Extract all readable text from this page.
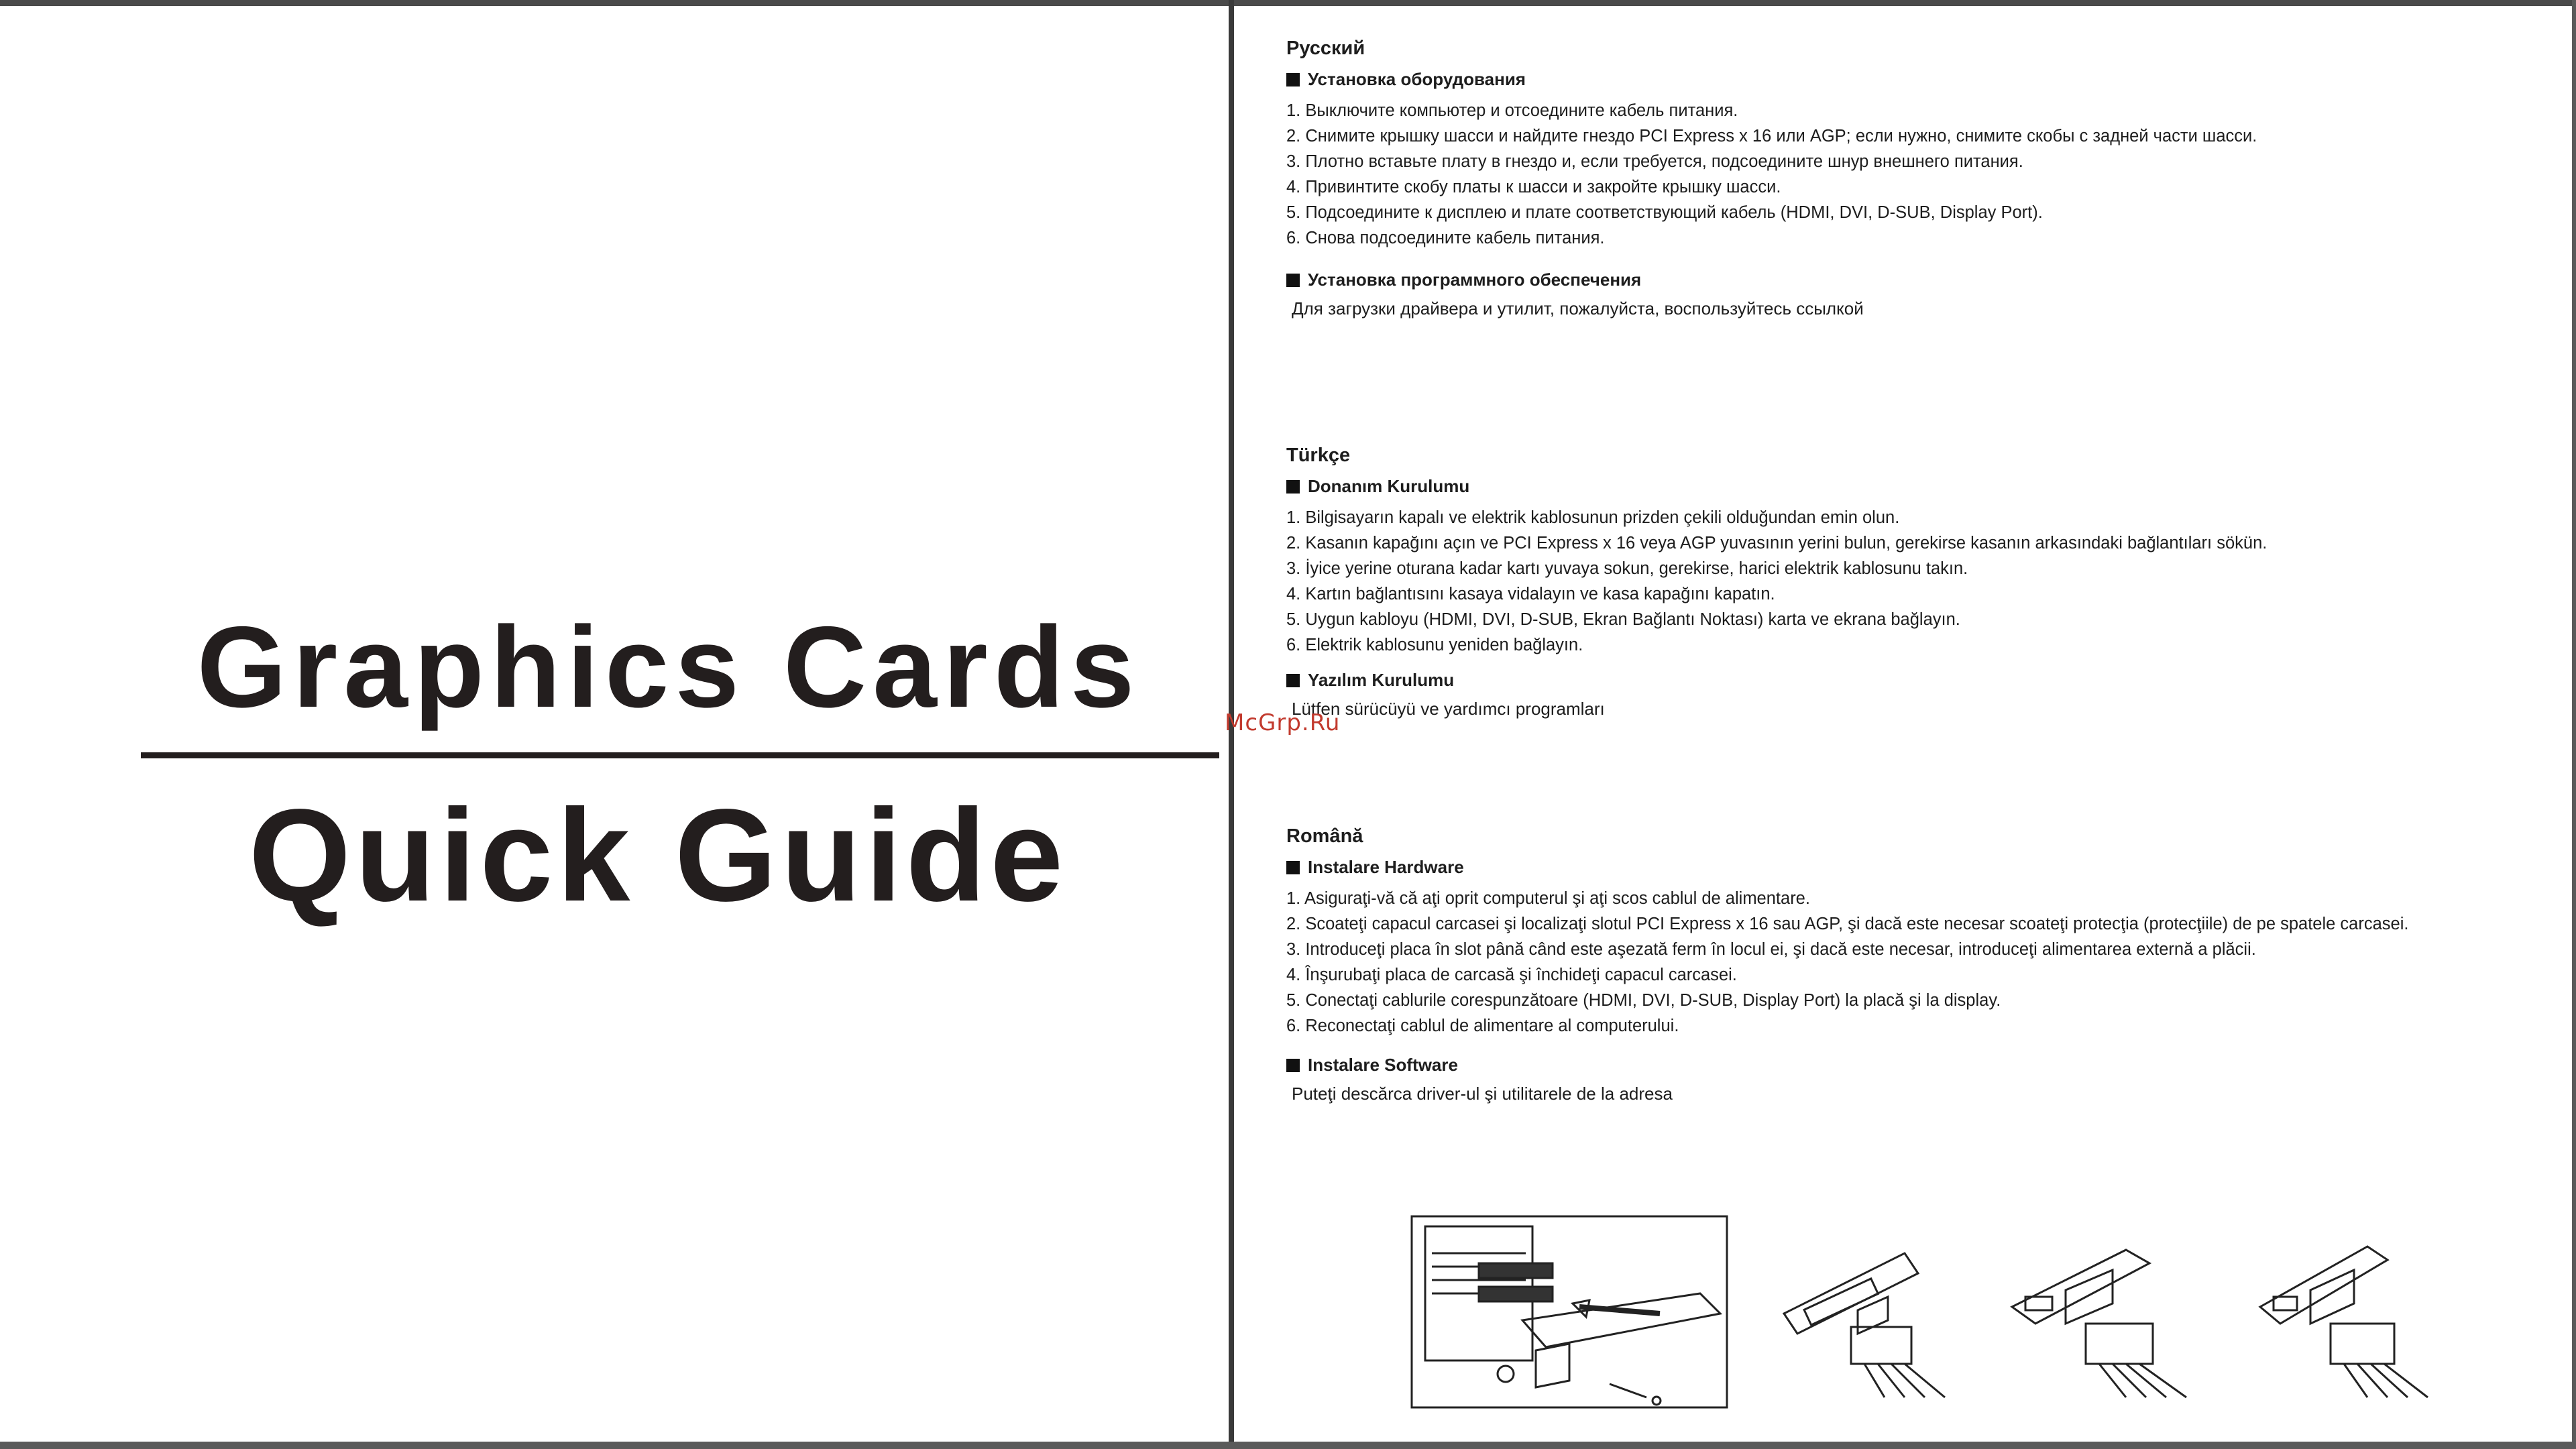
Graphics Cards
Quick Guide
Русский
Установка оборудования
1. Выключите компьютер и отсоедините кабель питания.
2. Снимите крышку шасси и найдите гнездо PCI Express x 16 или AGP; если нужно, снимите скобы с задней части шасси.
3. Плотно вставьте плату в гнездо и, если требуется, подсоедините шнур внешнего питания.
4. Привинтите скобу платы к шасси и закройте крышку шасси.
5. Подсоедините к дисплею и плате соответствующий кабель (HDMI, DVI, D-SUB, Display Port).
6. Снова подсоедините кабель питания.
Установка программного обеспечения

Для загрузки драйвера и утилит, пожалуйста, воспользуйтесь ссылкой

Türkçe
Donanım Kurulumu
1. Bilgisayarın kapalı ve elektrik kablosunun prizden çekili olduğundan emin olun.
2. Kasanın kapağını açın ve PCI Express x 16 veya AGP yuvasının yerini bulun, gerekirse kasanın arkasındaki bağlantıları sökün.
3. İyice yerine oturana kadar kartı yuvaya sokun, gerekirse, harici elektrik kablosunu takın.
4. Kartın bağlantısını kasaya vidalayın ve kasa kapağını kapatın.
5. Uygun kabloyu (HDMI, DVI, D-SUB, Ekran Bağlantı Noktası) karta ve ekrana bağlayın.
6. Elektrik kablosunu yeniden bağlayın.
Yazılım Kurulumu

Lütfen sürücüyü ve yardımcı programları

Română
Instalare Hardware
1. Asiguraţi-vă că aţi oprit computerul şi aţi scos cablul de alimentare.
2. Scoateţi capacul carcasei şi localizaţi slotul PCI Express x 16 sau AGP, şi dacă este necesar scoateţi protecţia (protecţiile) de pe spatele carcasei.
3. Introduceţi placa în slot până când este aşezată ferm în locul ei, şi dacă este necesar, introduceţi alimentarea externă a plăcii.
4. Înşurubaţi placa de carcasă şi închideţi capacul carcasei.
5. Conectaţi cablurile corespunzătoare (HDMI, DVI, D-SUB, Display Port) la placă şi la display.
6. Reconectaţi cablul de alimentare al computerului.
Instalare Software

Puteţi descărca driver-ul şi utilitarele de la adresa

McGrp.Ru
